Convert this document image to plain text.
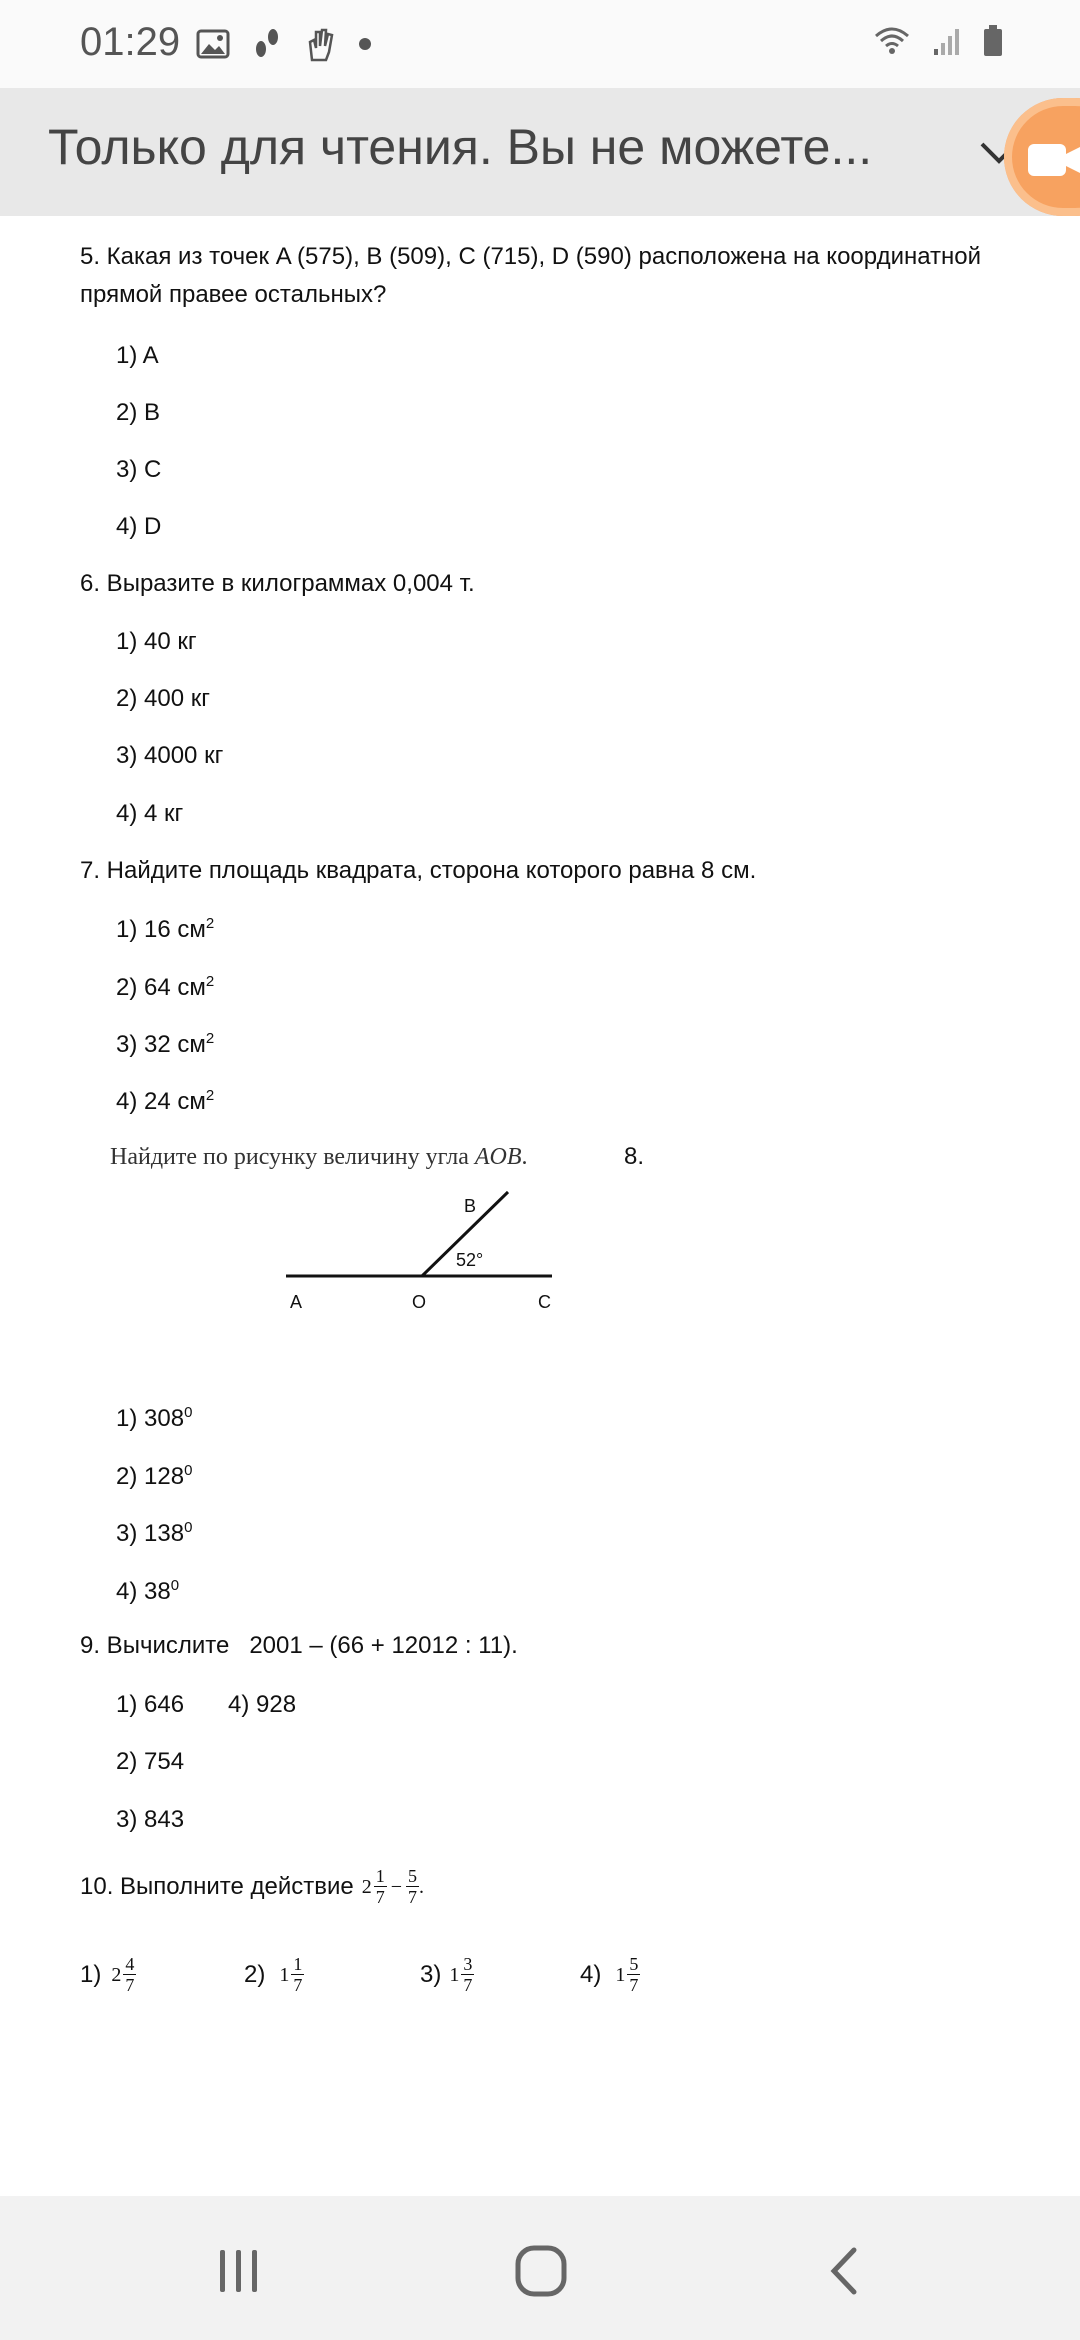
01:29
Только для чтения. Вы не можете...
5. Какая из точек A (575), B (509), C (715), D (590) расположена на координатной прямой правее остальных?
1) A
2) B
3) C
4) D
6. Выразите в килограммах 0,004 т.
1) 40 кг
2) 400 кг
3) 4000 кг
4) 4 кг
7. Найдите площадь квадрата, сторона которого равна 8 см.
1) 16 $см^2$
2) 64 $см^2$
3) 32 $см^2$
4) 24 $см^2$
Найдите по рисунку величину угла AOB.	8.
B
52°
A	O	C
1) $308^0$
2) $128^0$
3) $138^0$
4) $38^0$
9. Вычислите   2001 – (66 + 12012 : 11).
1) 646 4) 928
2) 754
3) 843
10. Выполните действие $2 \frac{1}{7} - \frac{5}{7}$ .
1) $2 \frac{4}{7}$	2) $1 \frac{1}{7}$	3) $1 \frac{3}{7}$	4) $1 \frac{5}{7}$
